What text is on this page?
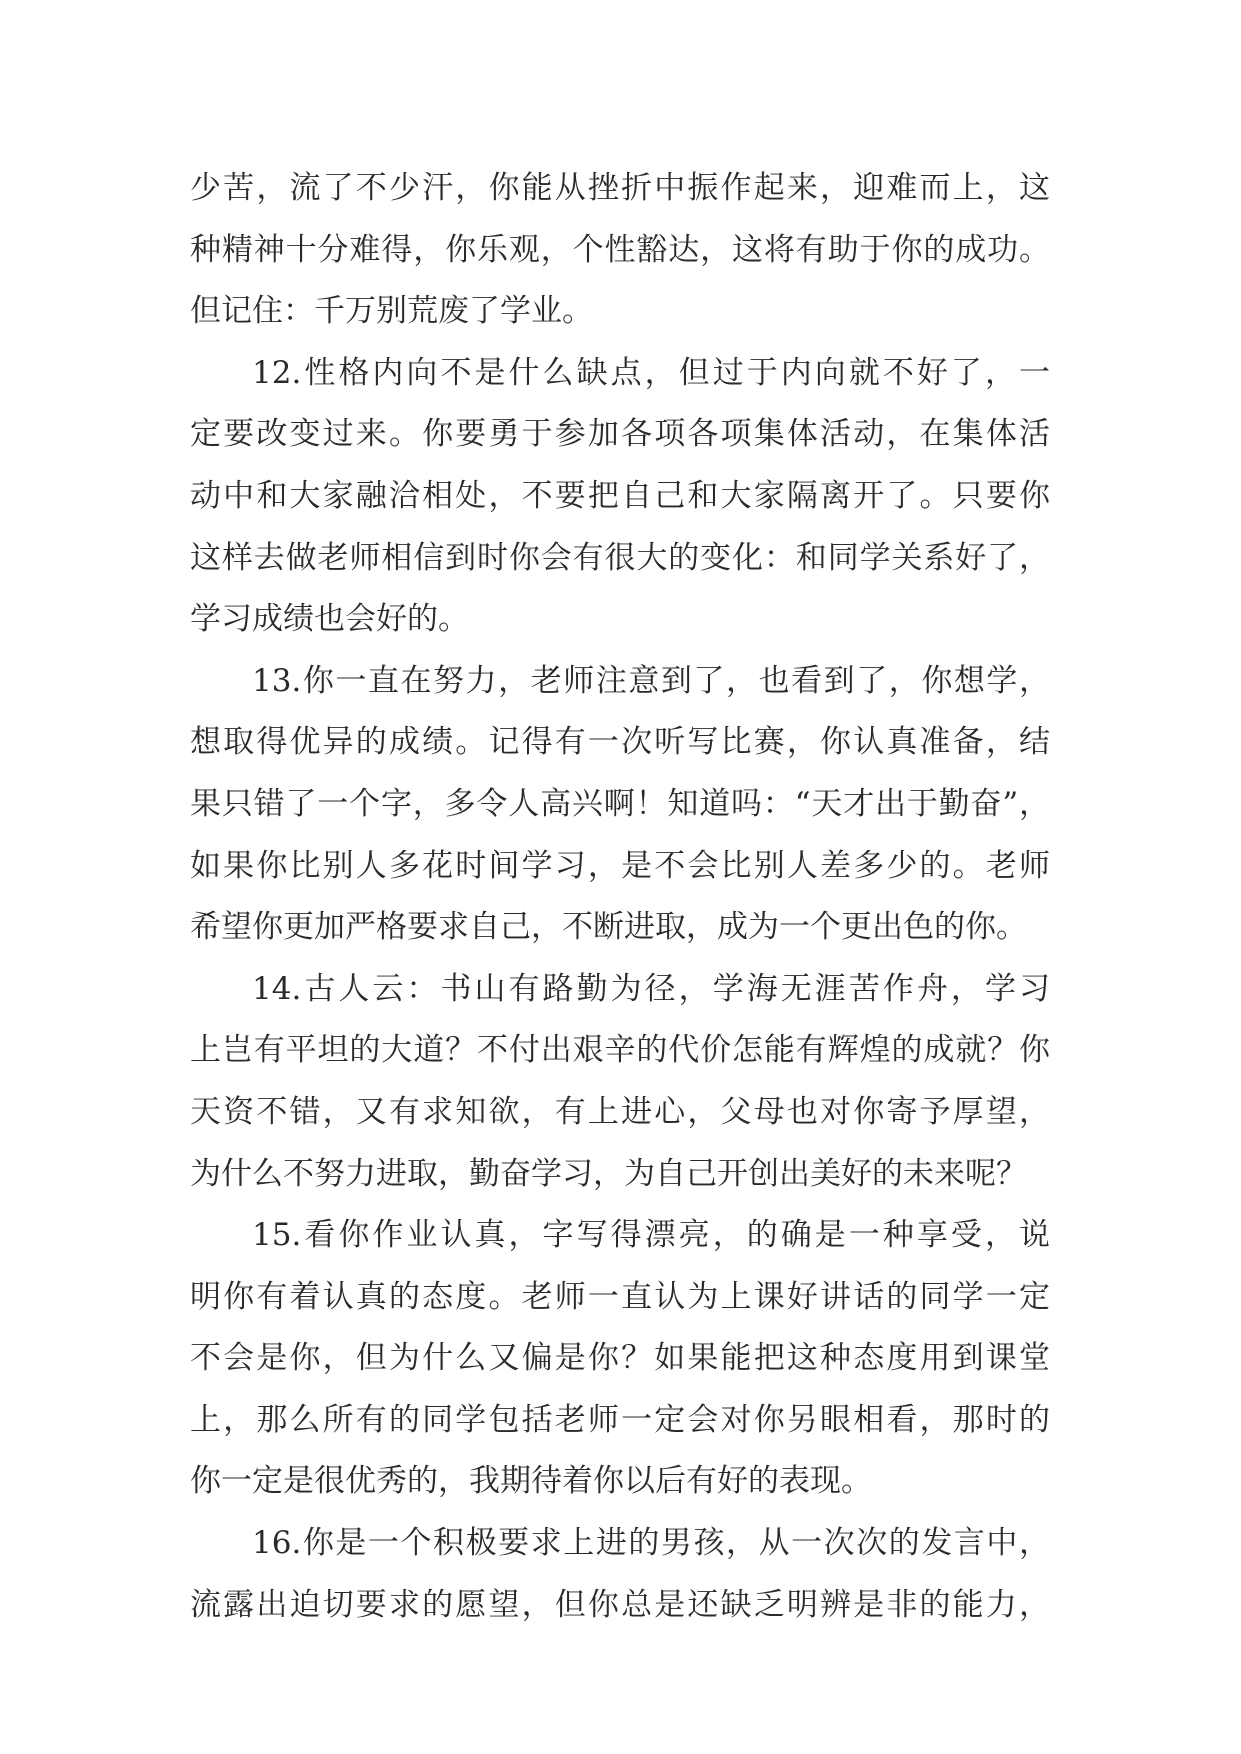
少苦，流了不少汗，你能从挫折中振作起来，迎难而上，这
种精神十分难得，你乐观，个性豁达，这将有助于你的成功。
但记住：千万别荒废了学业。
12.性格内向不是什么缺点，但过于内向就不好了，一
定要改变过来。你要勇于参加各项各项集体活动，在集体活
动中和大家融洽相处，不要把自己和大家隔离开了。只要你
这样去做老师相信到时你会有很大的变化：和同学关系好了，
学习成绩也会好的。
13.你一直在努力，老师注意到了，也看到了，你想学，
想取得优异的成绩。记得有一次听写比赛，你认真准备，结
果只错了一个字，多令人高兴啊！知道吗：“天才出于勤奋”，
如果你比别人多花时间学习，是不会比别人差多少的。老师
希望你更加严格要求自己，不断进取，成为一个更出色的你。
14.古人云：书山有路勤为径，学海无涯苦作舟，学习
上岂有平坦的大道？不付出艰辛的代价怎能有辉煌的成就？你
天资不错，又有求知欲，有上进心，父母也对你寄予厚望，
为什么不努力进取，勤奋学习，为自己开创出美好的未来呢？
15.看你作业认真，字写得漂亮，的确是一种享受，说
明你有着认真的态度。老师一直认为上课好讲话的同学一定
不会是你，但为什么又偏是你？如果能把这种态度用到课堂
上，那么所有的同学包括老师一定会对你另眼相看，那时的
你一定是很优秀的，我期待着你以后有好的表现。
16.你是一个积极要求上进的男孩，从一次次的发言中，
流露出迫切要求的愿望，但你总是还缺乏明辨是非的能力，
